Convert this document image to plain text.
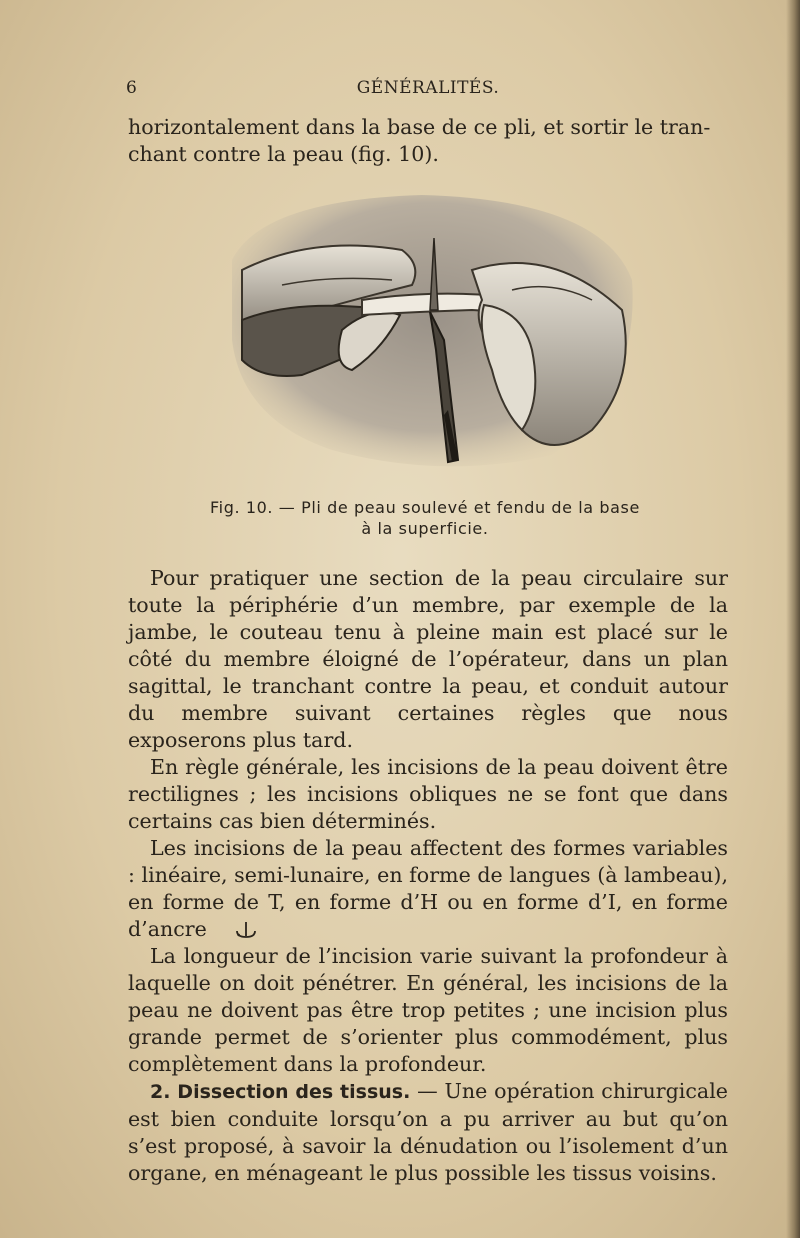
6	GÉNÉRALITÉS.

horizontalement dans la base de ce pli, et sortir le tran-

chant contre la peau (fig. 10).

Fig. 10. — Pli de peau soulevé et fendu de la base
à la superficie.

Pour pratiquer une section de la peau circulaire sur toute la périphérie d’un membre, par exemple de la jambe, le couteau tenu à pleine main est placé sur le côté du membre éloigné de l’opérateur, dans un plan sagittal, le tranchant contre la peau, et conduit autour du membre suivant certaines règles que nous exposerons plus tard.

En règle générale, les incisions de la peau doivent être rectilignes ; les incisions obliques ne se font que dans certains cas bien déterminés.

Les incisions de la peau affectent des formes variables : linéaire, semi-lunaire, en forme de langues (à lambeau), en forme de T, en forme d’H ou en forme d’I, en forme d’ancre .

La longueur de l’incision varie suivant la profondeur à laquelle on doit pénétrer. En général, les incisions de la peau ne doivent pas être trop petites ; une incision plus grande permet de s’orienter plus commodément, plus complètement dans la profondeur.

2. Dissection des tissus. — Une opération chirurgicale est bien conduite lorsqu’on a pu arriver au but qu’on s’est proposé, à savoir la dénudation ou l’isolement d’un organe, en ménageant le plus possible les tissus voisins.
